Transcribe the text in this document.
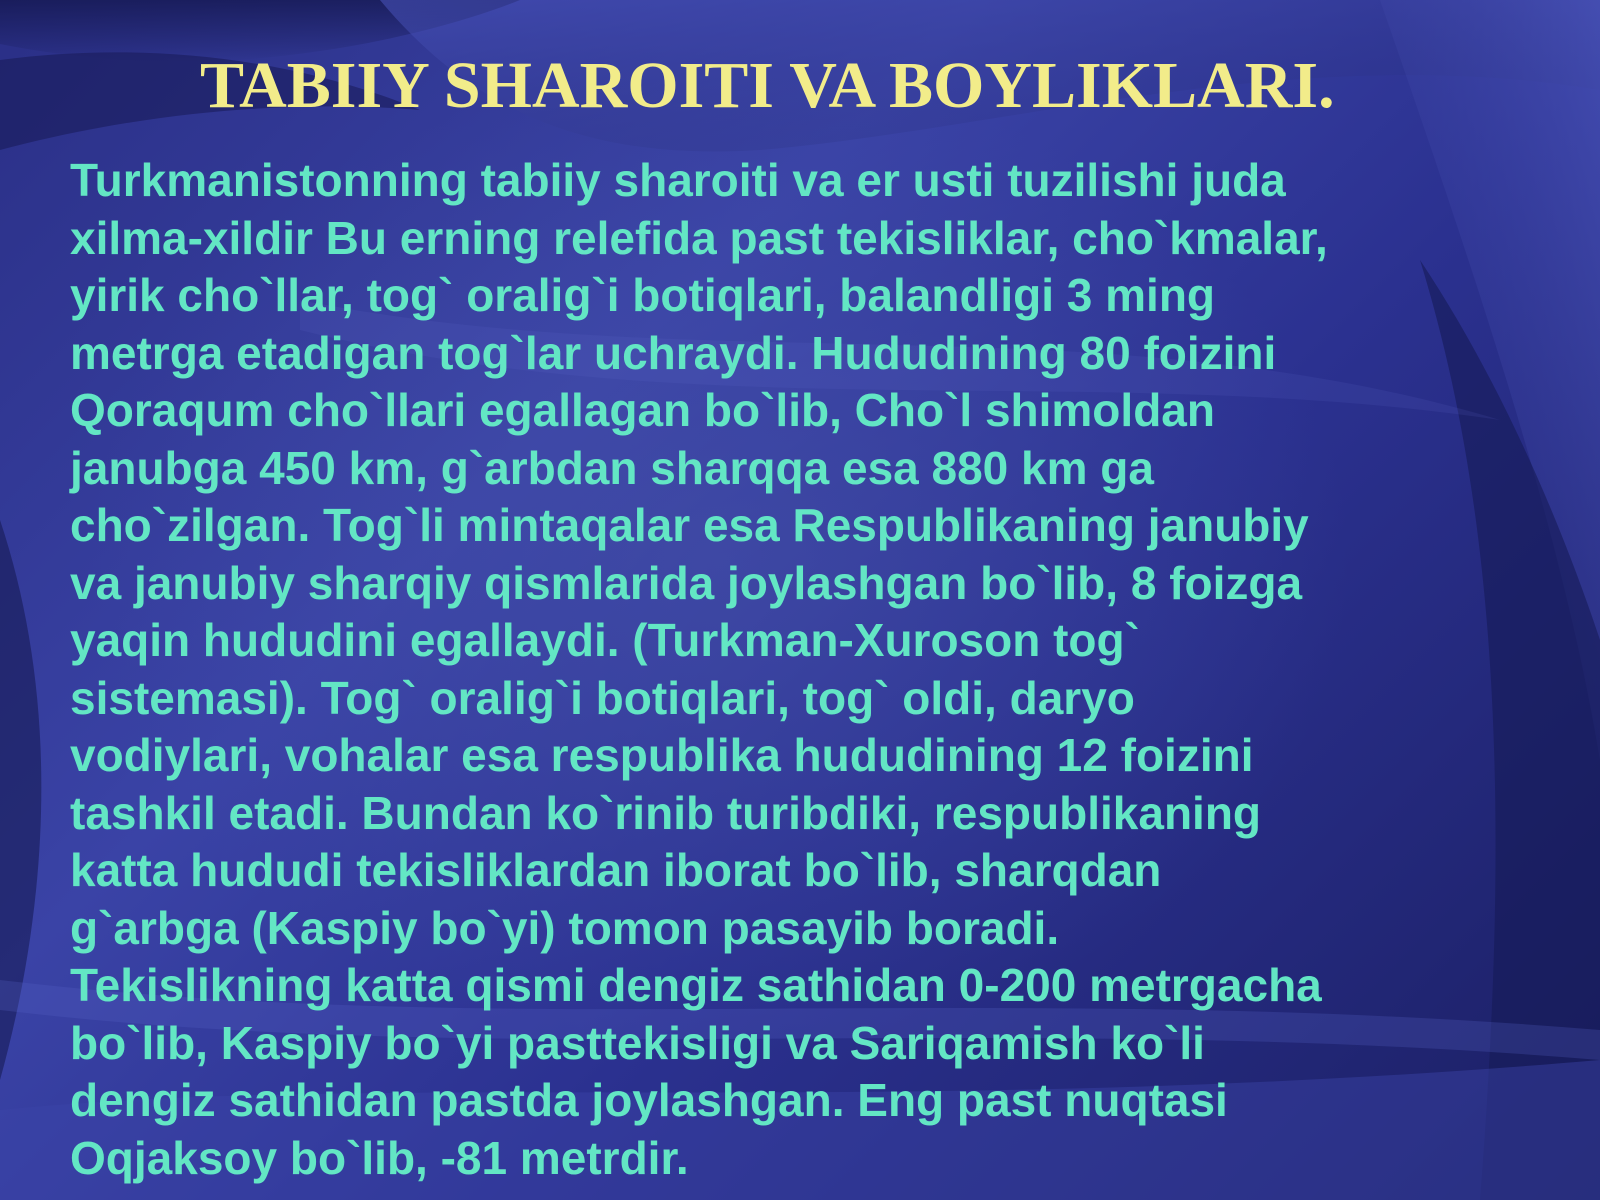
TABIIY SHAROITI VA BOYLIKLARI.

Turkmanistonning tabiiy sharoiti va er usti tuzilishi juda
xilma-xildir Bu erning relefida past tekisliklar, cho`kmalar,
yirik cho`llar, tog` oralig`i botiqlari, balandligi 3 ming
metrga etadigan tog`lar uchraydi. Hududining 80 foizini
Qoraqum cho`llari egallagan bo`lib, Cho`l shimoldan
janubga 450 km, g`arbdan sharqqa esa 880 km ga
cho`zilgan. Tog`li mintaqalar esa Respublikaning janubiy
va janubiy sharqiy qismlarida joylashgan bo`lib, 8 foizga
yaqin hududini egallaydi. (Turkman-Xuroson tog`
sistemasi). Tog` oralig`i botiqlari, tog` oldi, daryo
vodiylari, vohalar esa respublika hududining 12 foizini
tashkil etadi. Bundan ko`rinib turibdiki, respublikaning
katta hududi tekisliklardan iborat bo`lib, sharqdan
g`arbga (Kaspiy bo`yi) tomon pasayib boradi.
Tekislikning katta qismi dengiz sathidan 0-200 metrgacha
bo`lib, Kaspiy bo`yi pasttekisligi va Sariqamish ko`li
dengiz sathidan pastda joylashgan. Eng past nuqtasi
Oqjaksoy bo`lib, -81 metrdir.
